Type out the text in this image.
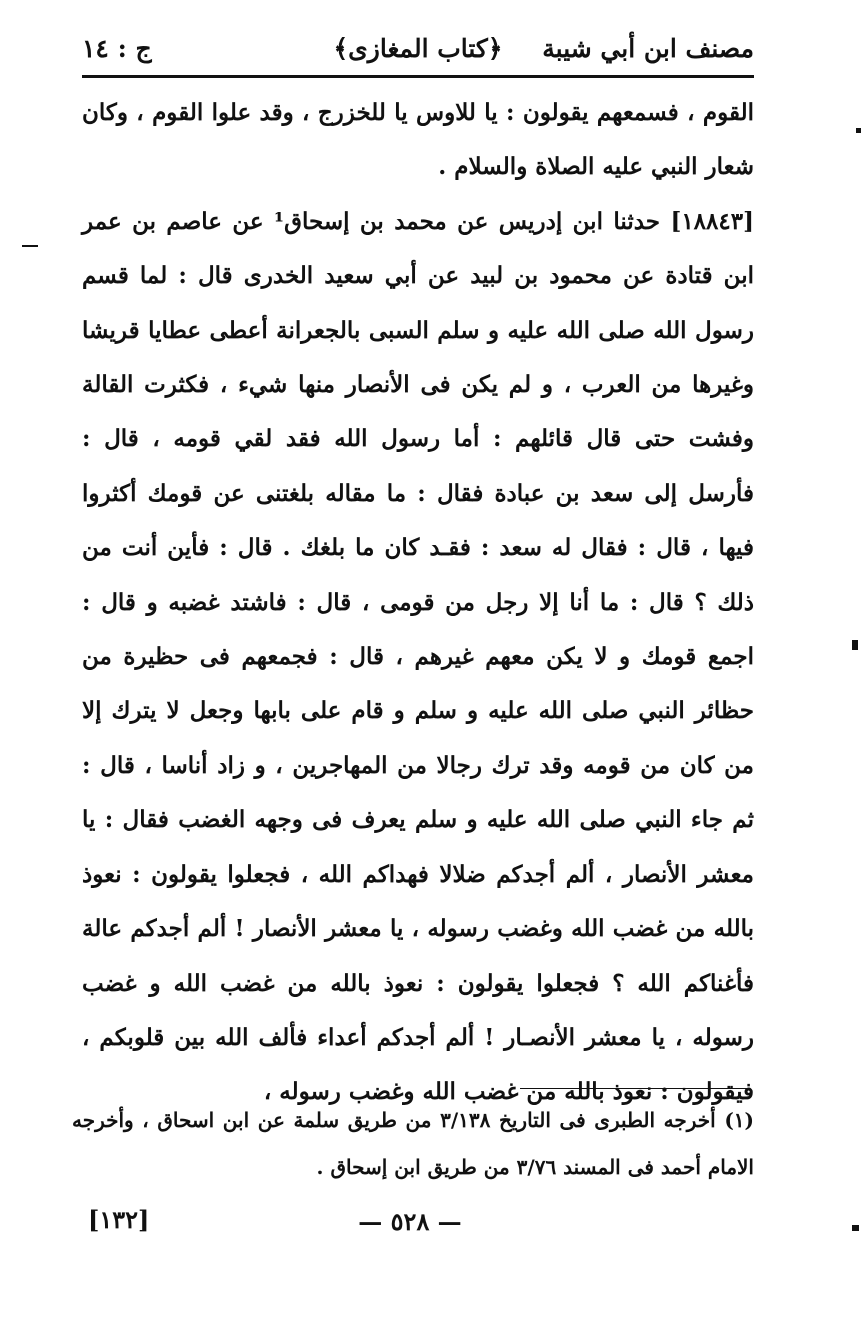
مصنف ابن أبي شيبة
﴿كتاب المغازى﴾
ج : ١٤

القوم ، فسمعهم يقولون : يا للاوس يا للخزرج ، وقد علوا القوم ، وكان شعار النبي عليه الصلاة والسلام .

[١٨٨٤٣] حدثنا ابن إدريس عن محمد بن إسحاق¹ عن عاصم بن عمر ابن قتادة عن محمود بن لبيد عن أبي سعيد الخدرى قال : لما قسم رسول الله صلى الله عليه و سلم السبى بالجعرانة أعطى عطايا قريشا وغيرها من العرب ، و لم يكن فى الأنصار منها شيء ، فكثرت القالة وفشت حتى قال قائلهم : أما رسول الله فقد لقي قومه ، قال : فأرسل إلى سعد بن عبادة فقال : ما مقاله بلغتنى عن قومك أكثروا فيها ، قال : فقال له سعد : فقـد كان ما بلغك . قال : فأين أنت من ذلك ؟ قال : ما أنا إلا رجل من قومى ، قال : فاشتد غضبه و قال : اجمع قومك و لا يكن معهم غيرهم ، قال : فجمعهم فى حظيرة من حظائر النبي صلى الله عليه و سلم و قام على بابها وجعل لا يترك إلا من كان من قومه وقد ترك رجالا من المهاجرين ، و زاد أناسا ، قال : ثم جاء النبي صلى الله عليه و سلم يعرف فى وجهه الغضب فقال : يا معشر الأنصار ، ألم أجدكم ضلالا فهداكم الله ، فجعلوا يقولون : نعوذ بالله من غضب الله وغضب رسوله ، يا معشر الأنصار ! ألم أجدكم عالة فأغناكم الله ؟ فجعلوا يقولون : نعوذ بالله من غضب الله و غضب رسوله ، يا معشر الأنصـار ! ألم أجدكم أعداء فألف الله بين قلوبكم ، فيقولون : نعوذ بالله من غضب الله وغضب رسوله ،

(١) أخرجه الطبرى فى التاريخ ٣/١٣٨ من طريق سلمة عن ابن اسحاق ، وأخرجه الامام أحمد فى المسند ٣/٧٦ من طريق ابن إسحاق .

— ٥٢٨ —
[١٣٢]
